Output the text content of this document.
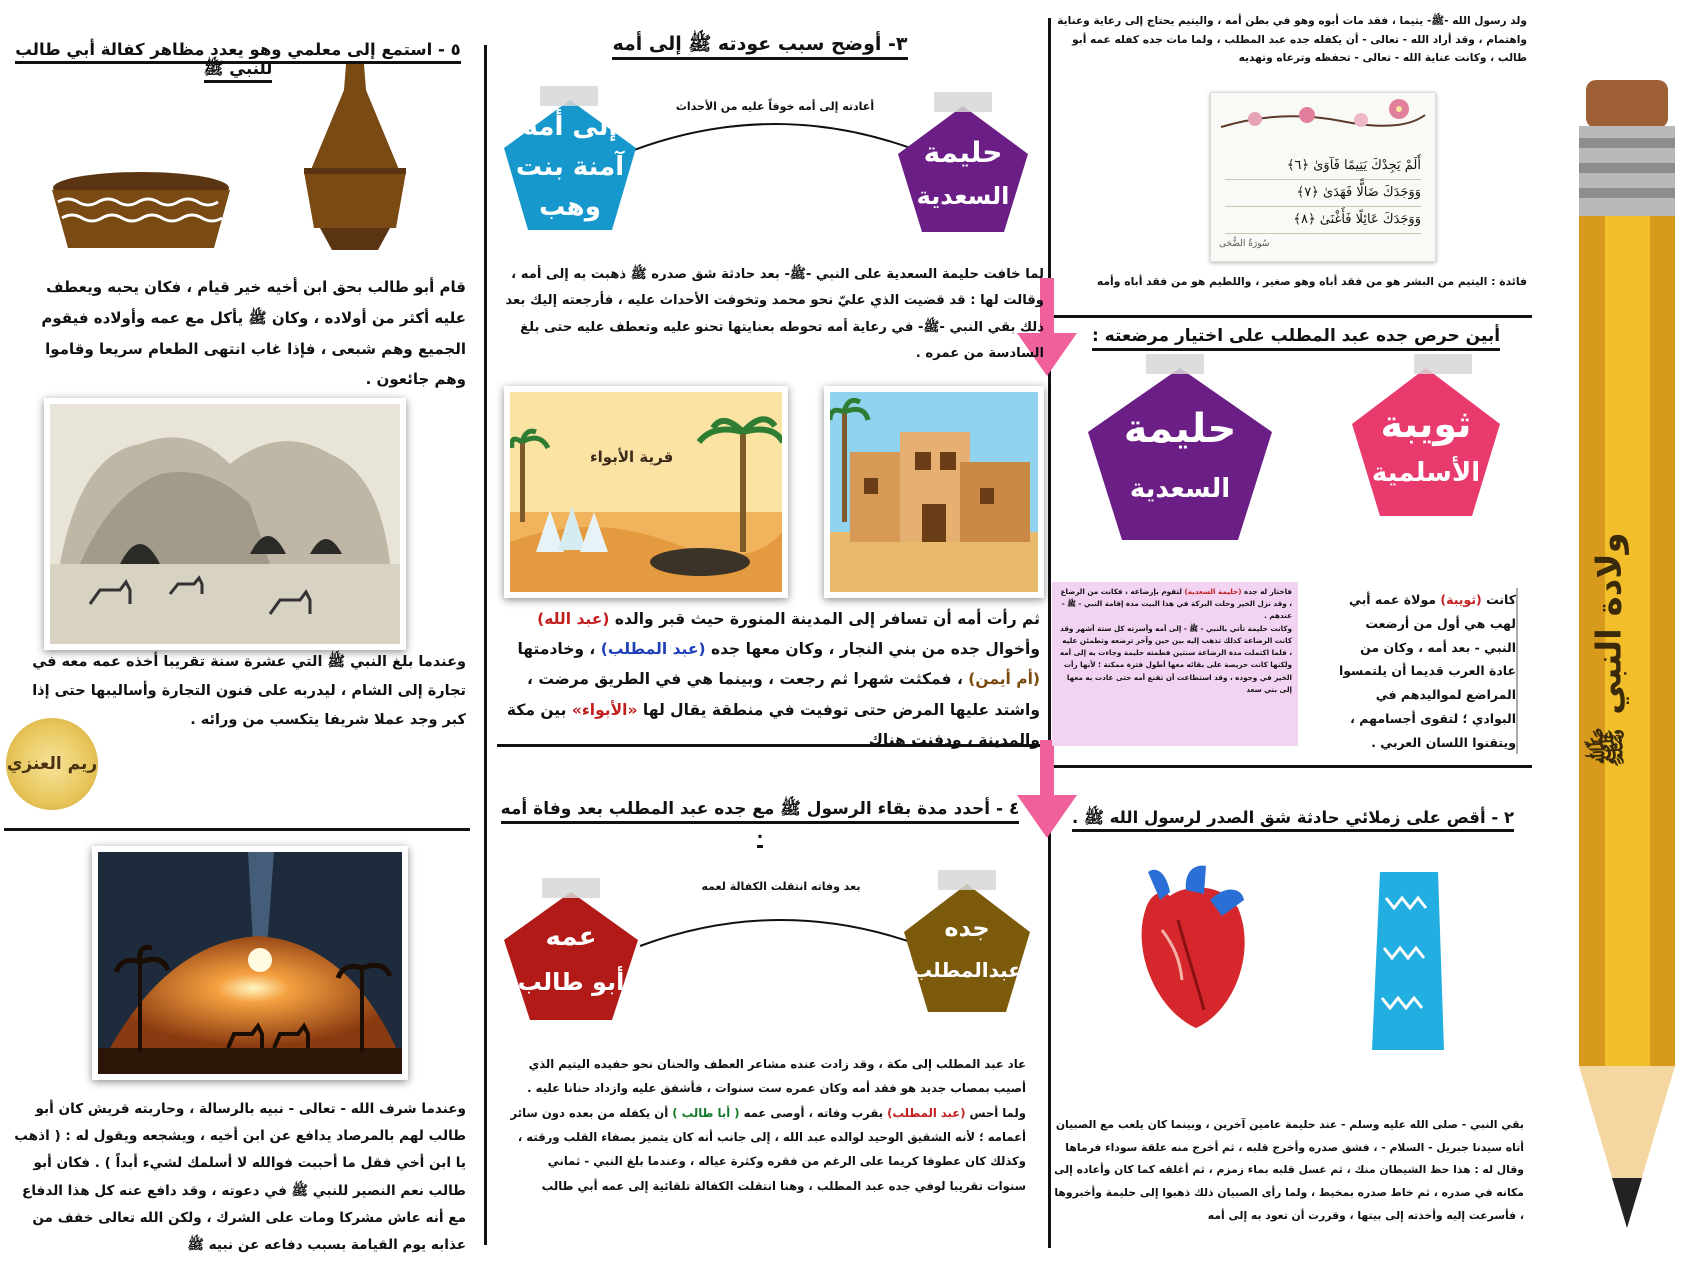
ولادة النبي ﷺ
ولد رسول الله -ﷺ- يتيما ، فقد مات أبوه وهو في بطن أمه ، واليتيم يحتاج إلى رعاية وعناية واهتمام ، وقد أراد الله - تعالى - أن يكفله جده عبد المطلب ، ولما مات جده كفله عمه أبو طالب ، وكانت عناية الله - تعالى - تحفظه وترعاه وتهديه
أَلَمْ يَجِدْكَ يَتِيمًا فَآوَىٰ ﴿٦﴾
وَوَجَدَكَ ضَالًّا فَهَدَىٰ ﴿٧﴾
وَوَجَدَكَ عَائِلًا فَأَغْنَىٰ ﴿٨﴾
سُورَةُ الضُّحَى
فائدة : اليتيم من البشر هو من فقد أباه وهو صغير ، واللطيم هو من فقد أباه وأمه
أبين حرص جده عبد المطلب على اختيار مرضعته :
ثويبة
الأسلمية
حليمة
السعدية
كانت (ثويبة) مولاة عمه أبي لهب هي أول من أرضعت النبي - بعد أمه ، وكان من عادة العرب قديما أن يلتمسوا المراضع لمواليدهم في البوادي ؛ لتقوى أجسامهم ، ويتقنوا اللسان العربي .
فاختار له جده (حليمة السعدية) لتقوم بإرضاعه ، فكانت من الرضاع ، وقد نزل الخير وحلت البركة في هذا البيت مدة إقامة النبي - ﷺ - عندهم .
وكانت حليمة تأتي بالنبي - ﷺ - إلى أمه وأسرته كل ستة أشهر وقد كانت الرضاعة كذلك تذهب إليه بين حين وآخر ترضعه وتطمئن عليه ، فلما اكتملت مدة الرضاعة سنتين فطمته حليمة وجاءت به إلى أمه ولكنها كانت حريصة على بقائه معها أطول فترة ممكنة ؛ لأنها رأت الخير في وجوده ، وقد استطاعت أن تقنع أمه حتى عادت به معها إلى بني سعد
٢ - أقص على زملائي حادثة شق الصدر لرسول الله ﷺ .
بقي النبي - صلى الله عليه وسلم - عند حليمة عامين آخرين ، وبينما كان يلعب مع الصبيان أتاه سيدنا جبريل - السلام - ، فشق صدره وأخرج قلبه ، ثم أخرج منه علقة سوداء فرماها وقال له : هذا حظ الشيطان منك ، ثم غسل قلبه بماء زمزم ، ثم أغلقه كما كان وأعاده إلى مكانه في صدره ، ثم خاط صدره بمخيط ، ولما رأى الصبيان ذلك ذهبوا إلى حليمة وأخبروها ، فأسرعت إليه وأخذته إلى بيتها ، وقررت أن تعود به إلى أمه
٣- أوضح سبب عودته ﷺ إلى أمه
أعادته إلى أمه خوفاً عليه من الأحداث
إلى أمه
آمنة بنت
وهب
حليمة
السعدية
لما خافت حليمة السعدية على النبي -ﷺ- بعد حادثة شق صدره ﷺ ذهبت به إلى أمه ، وقالت لها : قد قضيت الذي عليّ نحو محمد وتخوفت الأحداث عليه ، فأرجعته إليك بعد ذلك بقي النبي -ﷺ- في رعاية أمه تحوطه بعنايتها تحنو عليه وتعطف عليه حتى بلغ السادسة من عمره .
قرية الأبواء
ثم رأت أمه أن تسافر إلى المدينة المنورة حيث قبر والده (عبد الله) وأخوال جده من بني النجار ، وكان معها جده (عبد المطلب) ، وخادمتها (أم أيمن) ، فمكثت شهرا ثم رجعت ، وبينما هي في الطريق مرضت ، واشتد عليها المرض حتى توفيت في منطقة يقال لها «الأبواء» بين مكة والمدينة ، ودفنت هناك
٤ - أحدد مدة بقاء الرسول ﷺ مع جده عبد المطلب بعد وفاة أمه .
بعد وفاته انتقلت الكفالة لعمه
عمه
أبو طالب
جده
عبدالمطلب
عاد عبد المطلب إلى مكة ، وقد زادت عنده مشاعر العطف والحنان نحو حفيده اليتيم الذي أصيب بمصاب جديد هو فقد أمه وكان عمره ست سنوات ، فأشفق عليه وازداد حنانا عليه . ولما أحس (عبد المطلب) بقرب وفاته ، أوصى عمه ( أبا طالب ) أن يكفله من بعده دون سائر أعمامه ؛ لأنه الشقيق الوحيد لوالده عبد الله ، إلى جانب أنه كان يتميز بصفاء القلب ورقته ، وكذلك كان عطوفا كريما على الرغم من فقره وكثرة عياله ، وعندما بلغ النبي - ثماني سنوات تقريبا لوفي جده عبد المطلب ، وهنا انتقلت الكفالة تلقائية إلى عمه أبي طالب
٥ - استمع إلى معلمي وهو يعدد مظاهر كفالة أبي طالب للنبي ﷺ
قام أبو طالب بحق ابن أخيه خير قيام ، فكان يحبه ويعطف عليه أكثر من أولاده ، وكان ﷺ يأكل مع عمه وأولاده فيقوم الجميع وهم شبعى ، فإذا غاب انتهى الطعام سريعا وقاموا وهم جائعون .
وعندما بلغ النبي ﷺ التي عشرة سنة تقريبا أخذه عمه معه في تجارة إلى الشام ، ليدربه على فنون التجارة وأساليبها حتى إذا كبر وجد عملا شريفا يتكسب من ورائه .
ريم العنزي
وعندما شرف الله - تعالى - نبيه بالرسالة ، وحاربته قريش كان أبو طالب لهم بالمرصاد يدافع عن ابن أخيه ، ويشجعه ويقول له : ( اذهب يا ابن أخي فقل ما أحببت فوالله لا أسلمك لشيء أبداً ) . فكان أبو طالب نعم النصير للنبي ﷺ في دعوته ، وقد دافع عنه كل هذا الدفاع مع أنه عاش مشركا ومات على الشرك ، ولكن الله تعالى خفف من عذابه يوم القيامة بسبب دفاعه عن نبيه ﷺ
